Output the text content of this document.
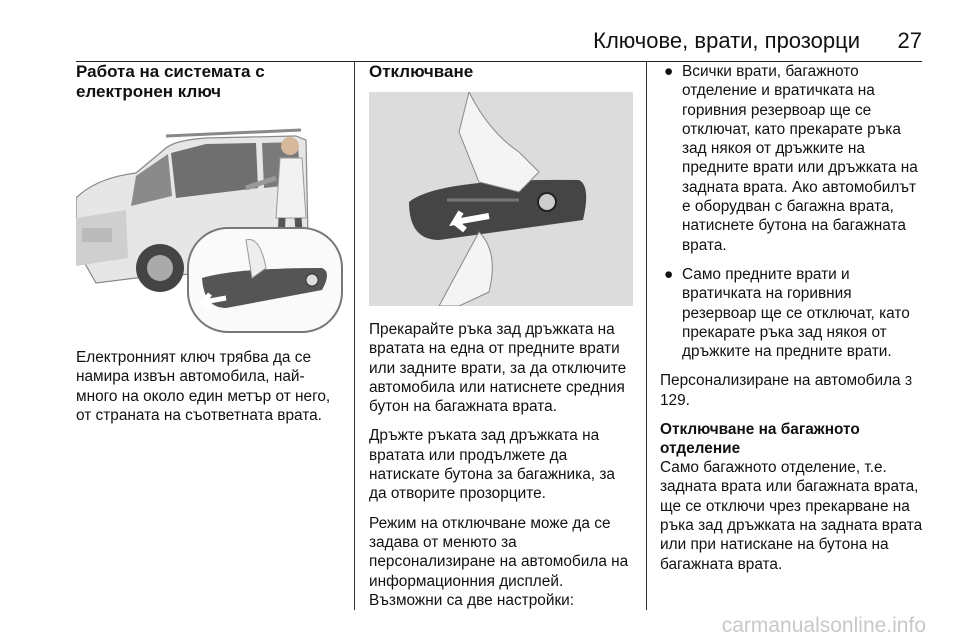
Ключове, врати, прозорци 27
Работа на системата с електронен ключ

Електронният ключ трябва да се намира извън автомобила, най-много на около един метър от него, от страната на съответната врата.

Отключване

Прекарайте ръка зад дръжката на вратата на една от предните врати или задните врати, за да отключите автомобила или натиснете средния бутон на багажната врата.

Дръжте ръката зад дръжката на вратата или продължете да натискате бутона за багажника, за да отворите прозорците.

Режим на отключване може да се задава от менюто за персонализиране на автомобила на информационния дисплей. Възможни са две настройки:

● Всички врати, багажното отделение и вратичката на горивния резервоар ще се отключат, като прекарате ръка зад някоя от дръжките на предните врати или дръжката на задната врата. Ако автомобилът е оборудван с багажна врата, натиснете бутона на багажната врата.
● Само предните врати и вратичката на горивния резервоар ще се отключат, като прекарате ръка зад някоя от дръжките на предните врати.

Персонализиране на автомобила 3 129.

Отключване на багажното отделение

Само багажното отделение, т.е. задната врата или багажната врата, ще се отключи чрез прекарване на ръка зад дръжката на задната врата или при натискане на бутона на багажната врата.

carmanualsonline.info
